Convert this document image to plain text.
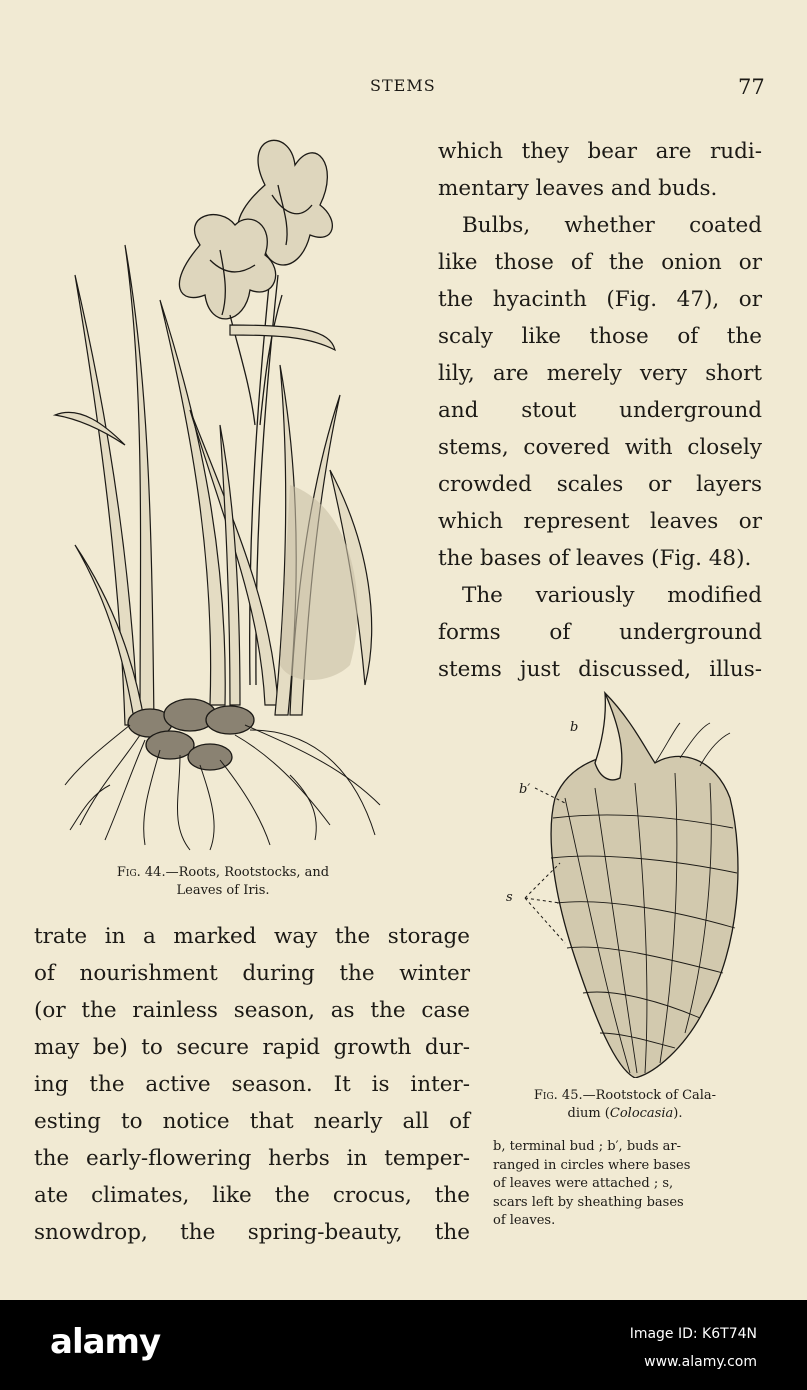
STEMS	77
which they bear are rudi-
mentary leaves and buds.
Bulbs, whether coated
like those of the onion or
the hyacinth (Fig. 47), or
scaly like those of the
lily, are merely very short
and stout underground
stems, covered with closely
crowded scales or layers
which represent leaves or
the bases of leaves (Fig. 48).
The variously modified
forms of underground
stems just discussed, illus-
Fig. 44.—Roots, Rootstocks, and
Leaves of Iris.
trate in a marked way the storage
of nourishment during the winter
(or the rainless season, as the case
may be) to secure rapid growth dur-
ing the active season. It is inter-
esting to notice that nearly all of
the early-flowering herbs in temper-
ate climates, like the crocus, the
snowdrop, the spring-beauty, the
b
b′
s
Fig. 45.—Rootstock of Cala-
dium (Colocasia).
b, terminal bud ; b′, buds ar-
ranged in circles where bases
of leaves were attached ; s,
scars left by sheathing bases
of leaves.
alamy	Image ID: K6T74N
www.alamy.com
